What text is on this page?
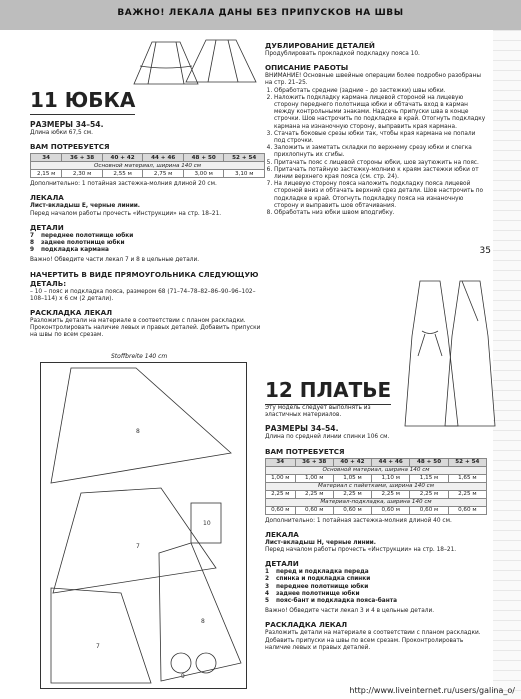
ВАЖНО! ЛЕКАЛА ДАНЫ БЕЗ ПРИПУСКОВ НА ШВЫ
11 ЮБКА
РАЗМЕРЫ 34–54.

Длина юбки 67,5 см.

ВАМ ПОТРЕБУЕТСЯ
34	36 + 38	40 + 42	44 + 46	48 + 50	52 + 54
Основной материал, ширина 140 см					
2,15 м	2,30 м	2,55 м	2,75 м	3,00 м	3,10 м

Дополнительно: 1 потайная застежка-молния длиной 20 см.

ЛЕКАЛА

Лист-вкладыш Е, черные линии.

Перед началом работы прочесть «Инструкции» на стр. 18–21.

ДЕТАЛИ
7 переднее полотнище юбки
8 заднее полотнище юбки
9 подкладка кармана

Важно! Обведите части лекал 7 и 8 в цельные детали.

НАЧЕРТИТЬ В ВИДЕ ПРЯМОУГОЛЬНИКА СЛЕДУЮЩУЮ ДЕТАЛЬ:

– 10 – пояс и подкладка пояса, размером 68 (71–74–78–82–86–90–96–102–108–114) х 6 см (2 детали).

РАСКЛАДКА ЛЕКАЛ

Разложить детали на материале в соответствии с планом раскладки. Проконтролировать наличие левых и правых деталей. Добавить припуски на швы по всем срезам.

Stoffbreite 140 cm
8
7
8
7
10
9
ДУБЛИРОВАНИЕ ДЕТАЛЕЙ

Продублировать прокладкой подкладку пояса 10.

ОПИСАНИЕ РАБОТЫ

ВНИМАНИЕ! Основные швейные операции более подробно разобраны на стр. 21–25.

1. Обработать средние (задние – до застежки) швы юбки.
2. Наложить подкладку кармана лицевой стороной на лицевую сторону переднего полотнища юбки и обтачать вход в карман между контрольными знаками. Надсечь припуски шва в конце строчки. Шов настрочить по подкладке в край. Отогнуть подкладку кармана на изнаночную сторону, выправить края кармана.
3. Стачать боковые срезы юбки так, чтобы края кармана не попали под строчки.
4. Заложить и заметать складки по верхнему срезу юбки и слегка прихлопнуть их сгибы.
5. Притачать пояс с лицевой стороны юбки, шов заутюжить на пояс.
6. Притачать потайную застежку-молнию к краям застежки юбки от линии верхнего края пояса (см. стр. 24).
7. На лицевую сторону пояса наложить подкладку пояса лицевой стороной вниз и обтачать верхний срез детали. Шов настрочить по подкладке в край. Отогнуть подкладку пояса на изнаночную сторону и выправить шов обтачивания.
8. Обработать низ юбки швом вподгибку.
35
12 ПЛАТЬЕ

Эту модель следует выполнять из эластичных материалов.

РАЗМЕРЫ 34–54.

Длина по средней линии спинки 106 см.

ВАМ ПОТРЕБУЕТСЯ
34	36 + 38	40 + 42	44 + 46	48 + 50	52 + 54
Основной материал, ширина 140 см					
1,00 м	1,00 м	1,05 м	1,10 м	1,15 м	1,65 м
Материал с пайетками, ширина 140 см					
2,25 м	2,25 м	2,25 м	2,25 м	2,25 м	2,25 м
Материал-подкладка, ширина 140 см					
0,60 м	0,60 м	0,60 м	0,60 м	0,60 м	0,60 м

Дополнительно: 1 потайная застежка-молния длиной 40 см.

ЛЕКАЛА

Лист-вкладыш Н, черные линии.

Перед началом работы прочесть «Инструкции» на стр. 18–21.

ДЕТАЛИ
1 перед и подкладка переда
2 спинка и подкладка спинки
3 переднее полотнище юбки
4 заднее полотнище юбки
5 пояс-бант и подкладка пояса-банта

Важно! Обведите части лекал 3 и 4 в цельные детали.

РАСКЛАДКА ЛЕКАЛ

Разложить детали на материале в соответствии с планом раскладки. Добавить припуски на швы по всем срезам. Проконтролировать наличие левых и правых деталей.

http://www.liveinternet.ru/users/galina_o/
